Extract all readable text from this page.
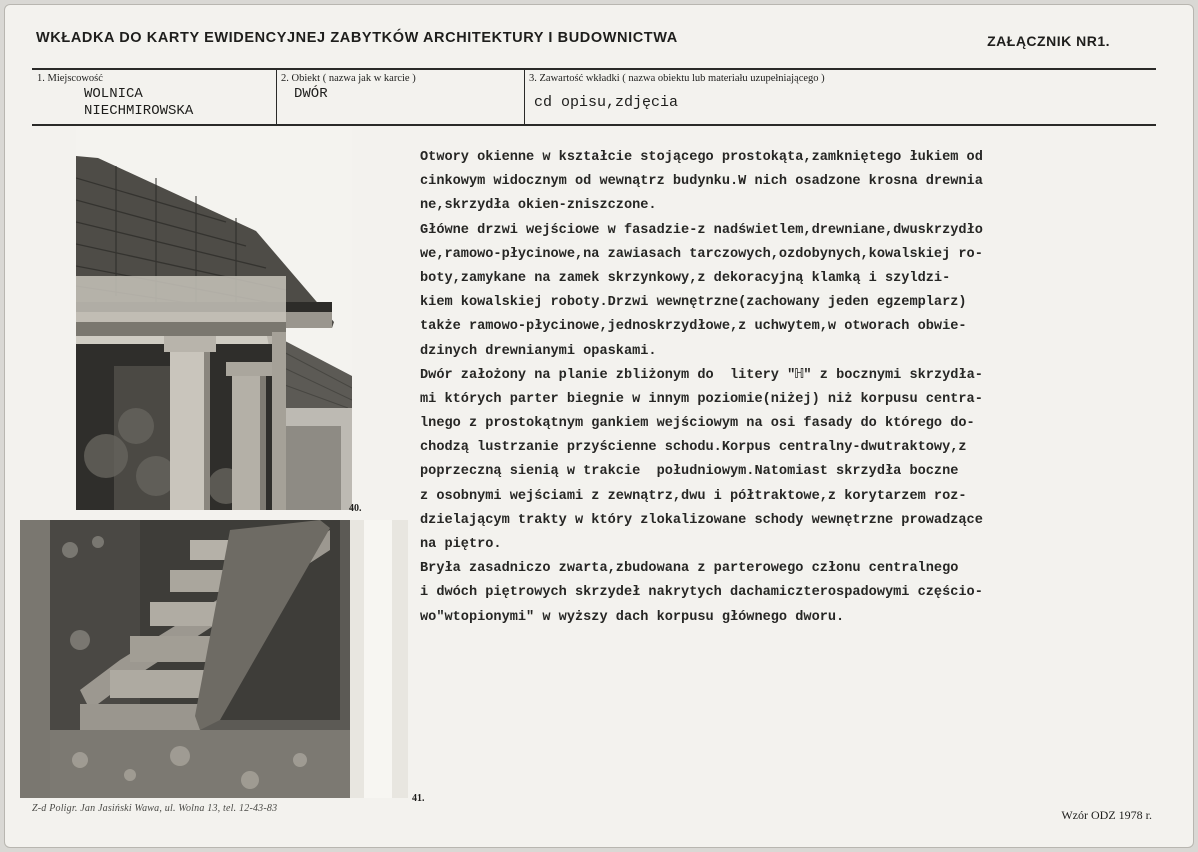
WKŁADKA DO KARTY EWIDENCYJNEJ ZABYTKÓW ARCHITEKTURY I BUDOWNICTWA	ZAŁĄCZNIK NR1.
1. Miejscowość
WOLNICA
NIECHMIROWSKA
2. Obiekt ( nazwa jak w karcie )
DWÓR
3. Zawartość wkładki ( nazwa obiektu lub materiału uzupełniającego )
cd opisu,zdjęcia
40.
41.
Otwory okienne w kształcie stojącego prostokąta,zamkniętego łukiem od
cinkowym widocznym od wewnątrz budynku.W nich osadzone krosna drewnia
ne,skrzydła okien-zniszczone.
Główne drzwi wejściowe w fasadzie-z nadświetlem,drewniane,dwuskrzydło
we,ramowo-płycinowe,na zawiasach tarczowych,ozdobynych,kowalskiej ro-
boty,zamykane na zamek skrzynkowy,z dekoracyjną klamką i szyldzi-
kiem kowalskiej roboty.Drzwi wewnętrzne(zachowany jeden egzemplarz)
także ramowo-płycinowe,jednoskrzydłowe,z uchwytem,w otworach obwie-
dzinych drewnianymi opaskami.
Dwór założony na planie zbliżonym do  litery "ℍ" z bocznymi skrzydła-
mi których parter biegnie w innym poziomie(niżej) niż korpusu centra-
lnego z prostokątnym gankiem wejściowym na osi fasady do którego do-
chodzą lustrzanie przyścienne schodu.Korpus centralny-dwutraktowy,z
poprzeczną sienią w trakcie  południowym.Natomiast skrzydła boczne
z osobnymi wejściami z zewnątrz,dwu i półtraktowe,z korytarzem roz-
dzielającym trakty w który zlokalizowane schody wewnętrzne prowadzące
na piętro.
Bryła zasadniczo zwarta,zbudowana z parterowego członu centralnego
i dwóch piętrowych skrzydeł nakrytych dachamiczterospadowymi częścio-
wo"wtopionymi" w wyższy dach korpusu głównego dworu.
Z-d Poligr. Jan Jasiński Wawa, ul. Wolna 13, tel. 12-43-83	Wzór ODZ 1978 r.
